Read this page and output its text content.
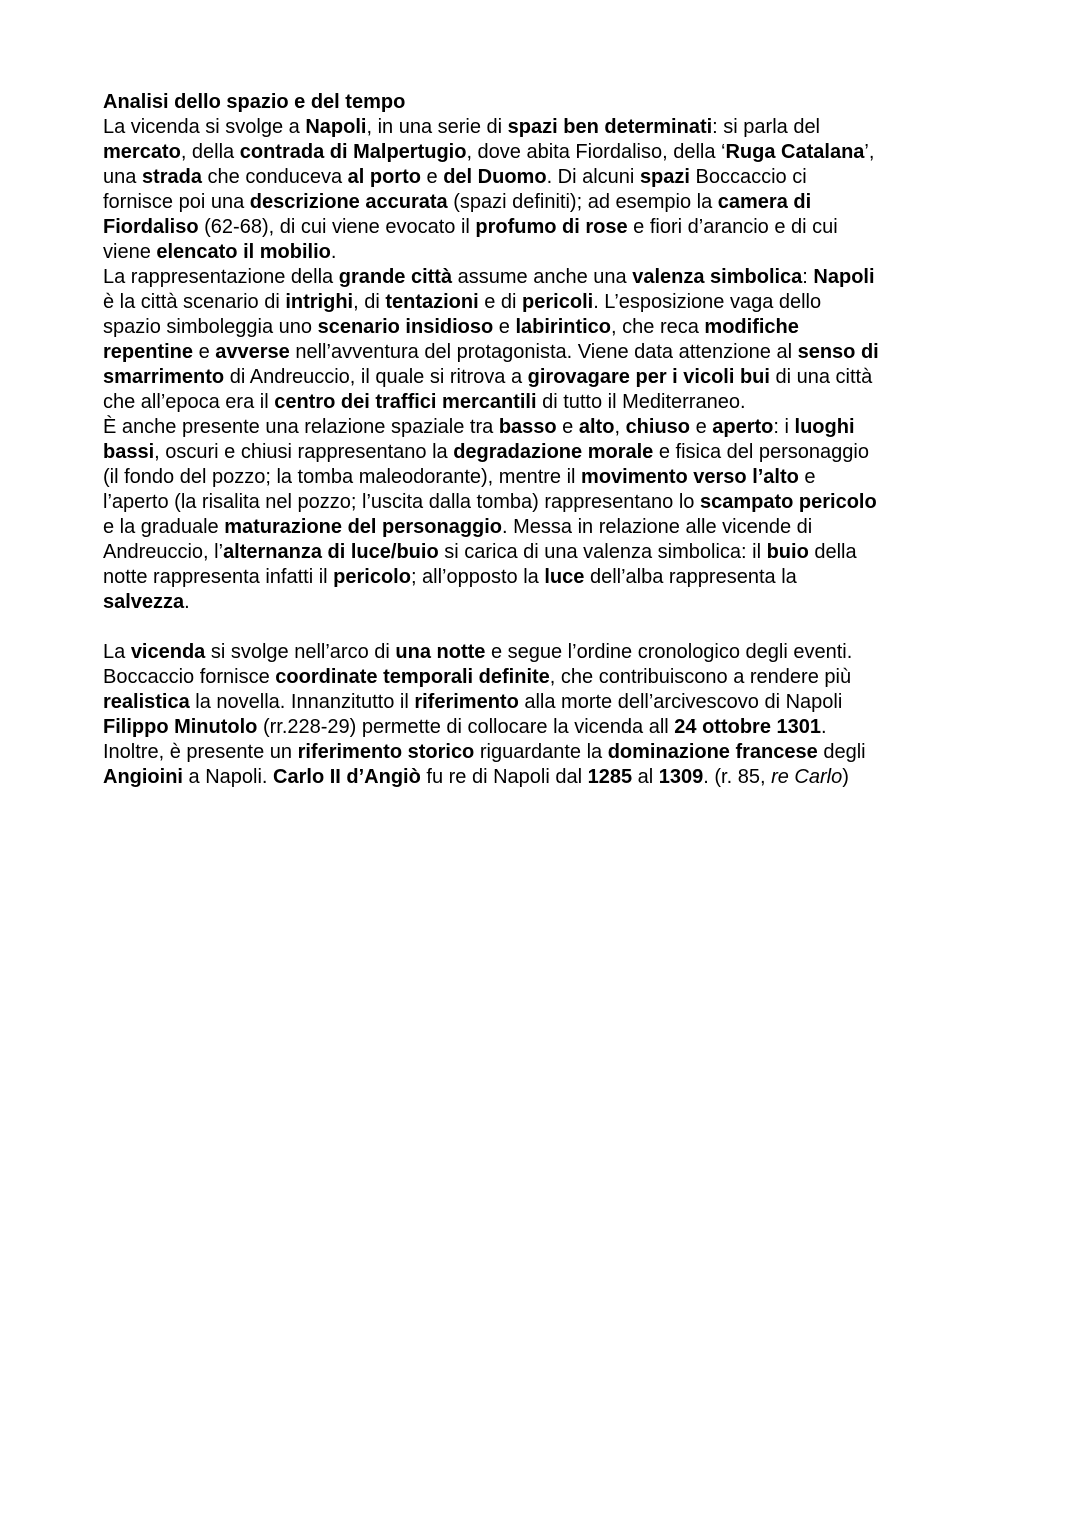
Analisi dello spazio e del tempo
La vicenda si svolge a Napoli, in una serie di spazi ben determinati: si parla del
mercato, della contrada di Malpertugio, dove abita Fiordaliso, della ‘Ruga Catalana’,
una strada che conduceva al porto e del Duomo. Di alcuni spazi Boccaccio ci
fornisce poi una descrizione accurata (spazi definiti); ad esempio la camera di
Fiordaliso (62-68), di cui viene evocato il profumo di rose e fiori d’arancio e di cui
viene elencato il mobilio.
La rappresentazione della grande città assume anche una valenza simbolica: Napoli
è la città scenario di intrighi, di tentazioni e di pericoli. L’esposizione vaga dello
spazio simboleggia uno scenario insidioso e labirintico, che reca modifiche
repentine e avverse nell’avventura del protagonista. Viene data attenzione al senso di
smarrimento di Andreuccio, il quale si ritrova a girovagare per i vicoli bui di una città
che all’epoca era il centro dei traffici mercantili di tutto il Mediterraneo.
È anche presente una relazione spaziale tra basso e alto, chiuso e aperto: i luoghi
bassi, oscuri e chiusi rappresentano la degradazione morale e fisica del personaggio
(il fondo del pozzo; la tomba maleodorante), mentre il movimento verso l’alto e
l’aperto (la risalita nel pozzo; l’uscita dalla tomba) rappresentano lo scampato pericolo
e la graduale maturazione del personaggio. Messa in relazione alle vicende di
Andreuccio, l’alternanza di luce/buio si carica di una valenza simbolica: il buio della
notte rappresenta infatti il pericolo; all’opposto la luce dell’alba rappresenta la
salvezza.
La vicenda si svolge nell’arco di una notte e segue l’ordine cronologico degli eventi.
Boccaccio fornisce coordinate temporali definite, che contribuiscono a rendere più
realistica la novella. Innanzitutto il riferimento alla morte dell’arcivescovo di Napoli
Filippo Minutolo (rr.228-29) permette di collocare la vicenda all 24 ottobre 1301.
Inoltre, è presente un riferimento storico riguardante la dominazione francese degli
Angioini a Napoli. Carlo II d’Angiò fu re di Napoli dal 1285 al 1309. (r. 85, re Carlo)
